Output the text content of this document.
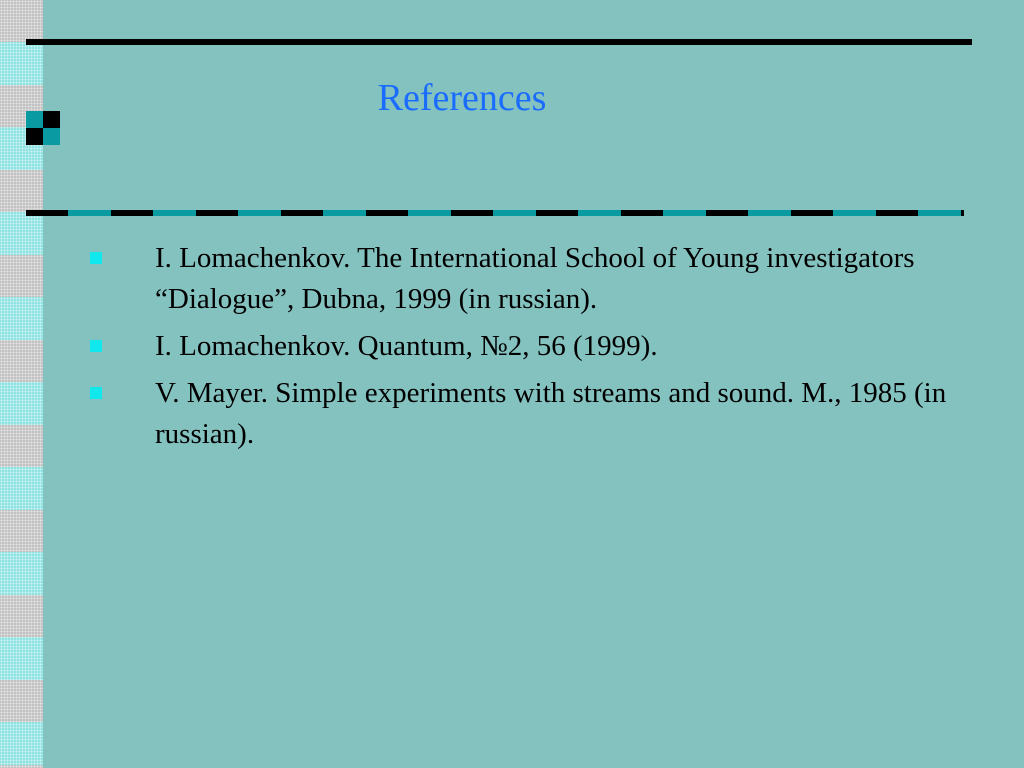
References
I. Lomachenkov. The International School of Young investigators “Dialogue”, Dubna, 1999 (in russian).
I. Lomachenkov. Quantum, №2, 56 (1999).
V. Mayer. Simple experiments with streams and sound. M., 1985 (in russian).
